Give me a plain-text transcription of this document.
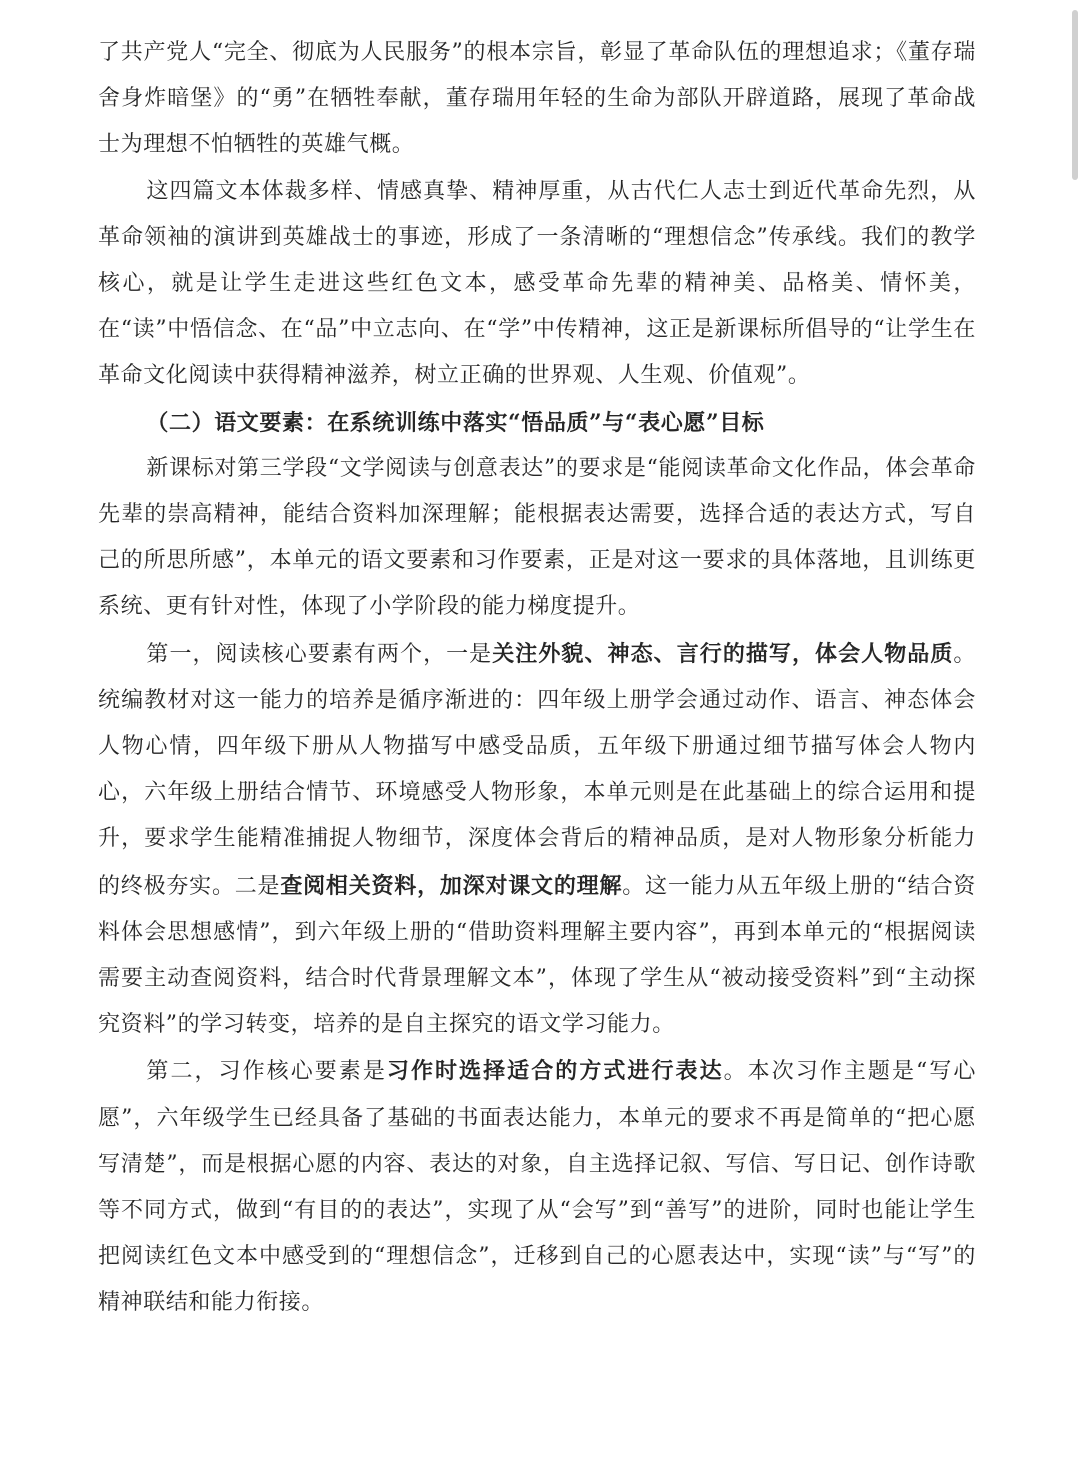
了共产党人“完全、彻底为人民服务”的根本宗旨，彰显了革命队伍的理想追求；《董存瑞舍身炸暗堡》的“勇”在牺牲奉献，董存瑞用年轻的生命为部队开辟道路，展现了革命战士为理想不怕牺牲的英雄气概。

这四篇文本体裁多样、情感真挚、精神厚重，从古代仁人志士到近代革命先烈，从革命领袖的演讲到英雄战士的事迹，形成了一条清晰的“理想信念”传承线。我们的教学核心，就是让学生走进这些红色文本，感受革命先辈的精神美、品格美、情怀美，在“读”中悟信念、在“品”中立志向、在“学”中传精神，这正是新课标所倡导的“让学生在革命文化阅读中获得精神滋养，树立正确的世界观、人生观、价值观”。

（二）语文要素：在系统训练中落实“悟品质”与“表心愿”目标

新课标对第三学段“文学阅读与创意表达”的要求是“能阅读革命文化作品，体会革命先辈的崇高精神，能结合资料加深理解；能根据表达需要，选择合适的表达方式，写自己的所思所感”，本单元的语文要素和习作要素，正是对这一要求的具体落地，且训练更系统、更有针对性，体现了小学阶段的能力梯度提升。

第一，阅读核心要素有两个，一是关注外貌、神态、言行的描写，体会人物品质。统编教材对这一能力的培养是循序渐进的：四年级上册学会通过动作、语言、神态体会人物心情，四年级下册从人物描写中感受品质，五年级下册通过细节描写体会人物内心，六年级上册结合情节、环境感受人物形象，本单元则是在此基础上的综合运用和提升，要求学生能精准捕捉人物细节，深度体会背后的精神品质，是对人物形象分析能力的终极夯实。二是查阅相关资料，加深对课文的理解。这一能力从五年级上册的“结合资料体会思想感情”，到六年级上册的“借助资料理解主要内容”，再到本单元的“根据阅读需要主动查阅资料，结合时代背景理解文本”，体现了学生从“被动接受资料”到“主动探究资料”的学习转变，培养的是自主探究的语文学习能力。

第二，习作核心要素是习作时选择适合的方式进行表达。本次习作主题是“写心愿”，六年级学生已经具备了基础的书面表达能力，本单元的要求不再是简单的“把心愿写清楚”，而是根据心愿的内容、表达的对象，自主选择记叙、写信、写日记、创作诗歌等不同方式，做到“有目的的表达”，实现了从“会写”到“善写”的进阶，同时也能让学生把阅读红色文本中感受到的“理想信念”，迁移到自己的心愿表达中，实现“读”与“写”的精神联结和能力衔接。
